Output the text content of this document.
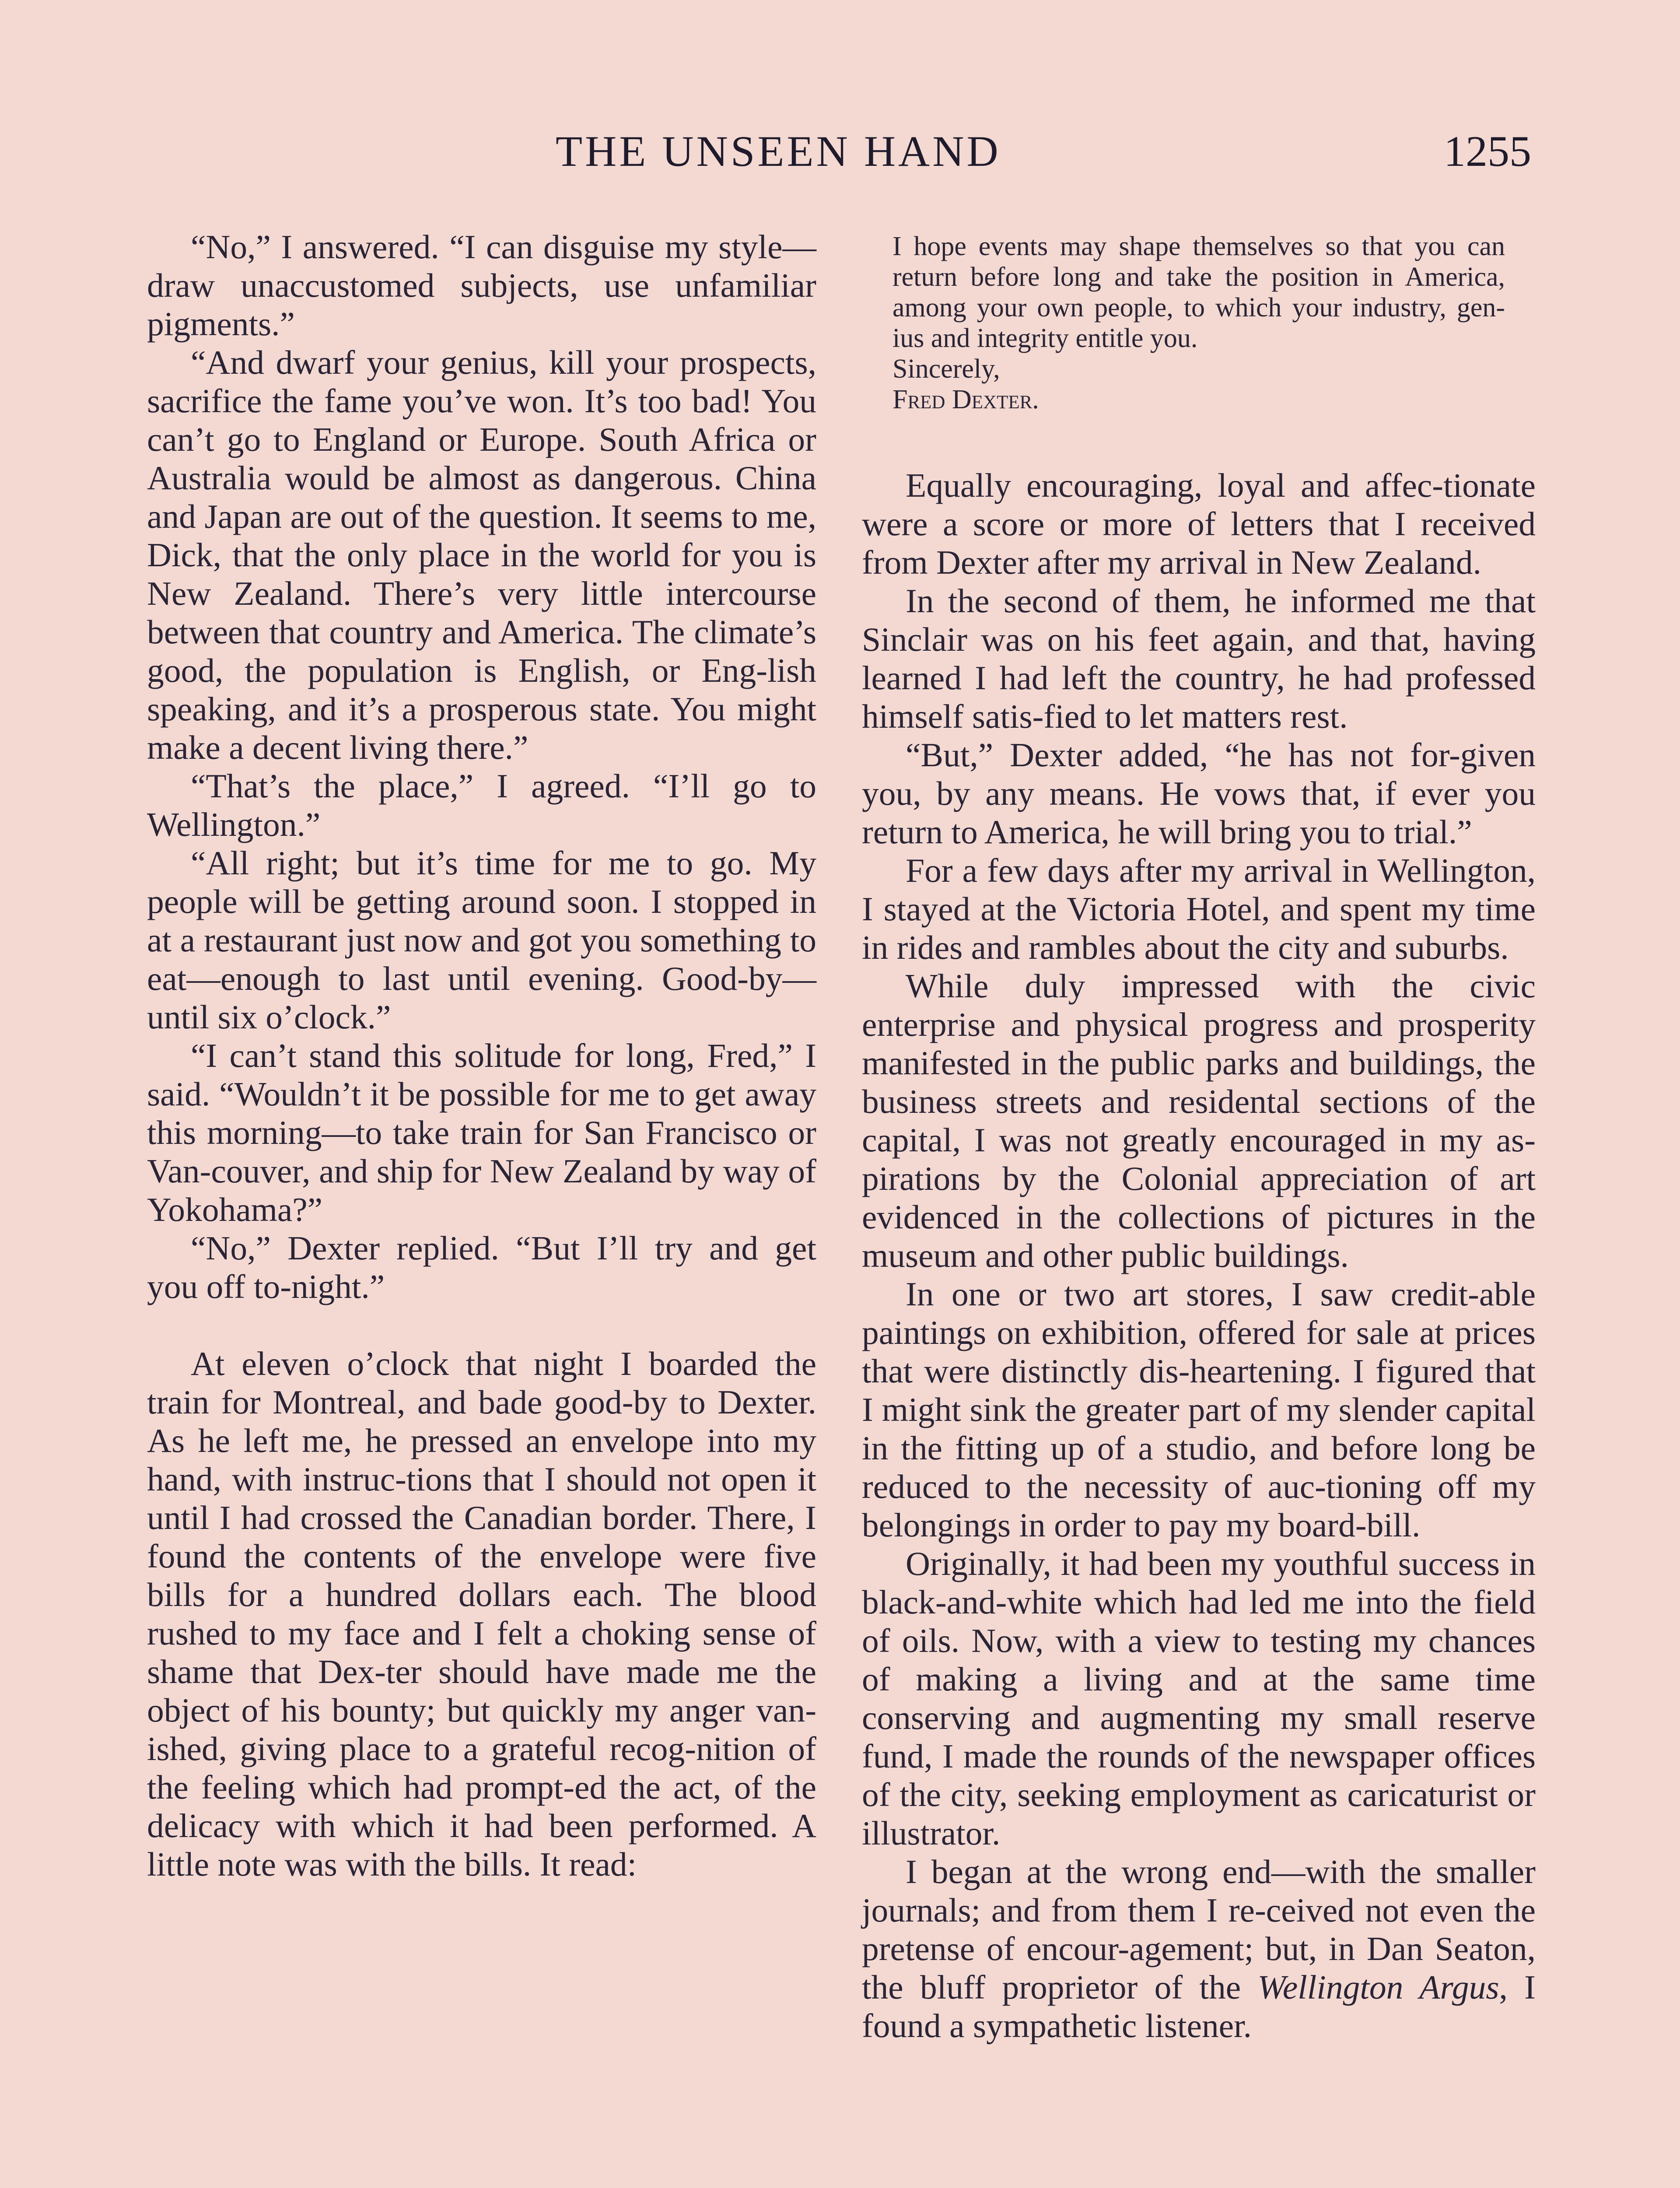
THE UNSEEN HAND	1255

“No,” I answered. “I can disguise my style—draw unaccustomed subjects, use unfamiliar pigments.”

“And dwarf your genius, kill your prospects, sacrifice the fame you’ve won. It’s too bad! You can’t go to England or Europe. South Africa or Australia would be almost as dangerous. China and Japan are out of the question. It seems to me, Dick, that the only place in the world for you is New Zealand. There’s very little intercourse between that country and America. The climate’s good, the population is English, or Eng-lish speaking, and it’s a prosperous state. You might make a decent living there.”

“That’s the place,” I agreed. “I’ll go to Wellington.”

“All right; but it’s time for me to go. My people will be getting around soon. I stopped in at a restaurant just now and got you something to eat—enough to last until evening. Good-by—until six o’clock.”

“I can’t stand this solitude for long, Fred,” I said. “Wouldn’t it be possible for me to get away this morning—to take train for San Francisco or Van-couver, and ship for New Zealand by way of Yokohama?”

“No,” Dexter replied. “But I’ll try and get you off to-night.”

At eleven o’clock that night I boarded the train for Montreal, and bade good-by to Dexter. As he left me, he pressed an envelope into my hand, with instruc-tions that I should not open it until I had crossed the Canadian border. There, I found the contents of the envelope were five bills for a hundred dollars each. The blood rushed to my face and I felt a choking sense of shame that Dex-ter should have made me the object of his bounty; but quickly my anger van-ished, giving place to a grateful recog-nition of the feeling which had prompt-ed the act, of the delicacy with which it had been performed. A little note was with the bills. It read:

I hope events may shape themselves so that you can return before long and take the position in America, among your own people, to which your industry, gen-ius and integrity entitle you.

Sincerely,

Fred Dexter.

Equally encouraging, loyal and affec-tionate were a score or more of letters that I received from Dexter after my arrival in New Zealand.

In the second of them, he informed me that Sinclair was on his feet again, and that, having learned I had left the country, he had professed himself satis-fied to let matters rest.

“But,” Dexter added, “he has not for-given you, by any means. He vows that, if ever you return to America, he will bring you to trial.”

For a few days after my arrival in Wellington, I stayed at the Victoria Hotel, and spent my time in rides and rambles about the city and suburbs.

While duly impressed with the civic enterprise and physical progress and prosperity manifested in the public parks and buildings, the business streets and residental sections of the capital, I was not greatly encouraged in my as-pirations by the Colonial appreciation of art evidenced in the collections of pictures in the museum and other public buildings.

In one or two art stores, I saw credit-able paintings on exhibition, offered for sale at prices that were distinctly dis-heartening. I figured that I might sink the greater part of my slender capital in the fitting up of a studio, and before long be reduced to the necessity of auc-tioning off my belongings in order to pay my board-bill.

Originally, it had been my youthful success in black-and-white which had led me into the field of oils. Now, with a view to testing my chances of making a living and at the same time conserving and augmenting my small reserve fund, I made the rounds of the newspaper offices of the city, seeking employment as caricaturist or illustrator.

I began at the wrong end—with the smaller journals; and from them I re-ceived not even the pretense of encour-agement; but, in Dan Seaton, the bluff proprietor of the Wellington Argus, I found a sympathetic listener.
